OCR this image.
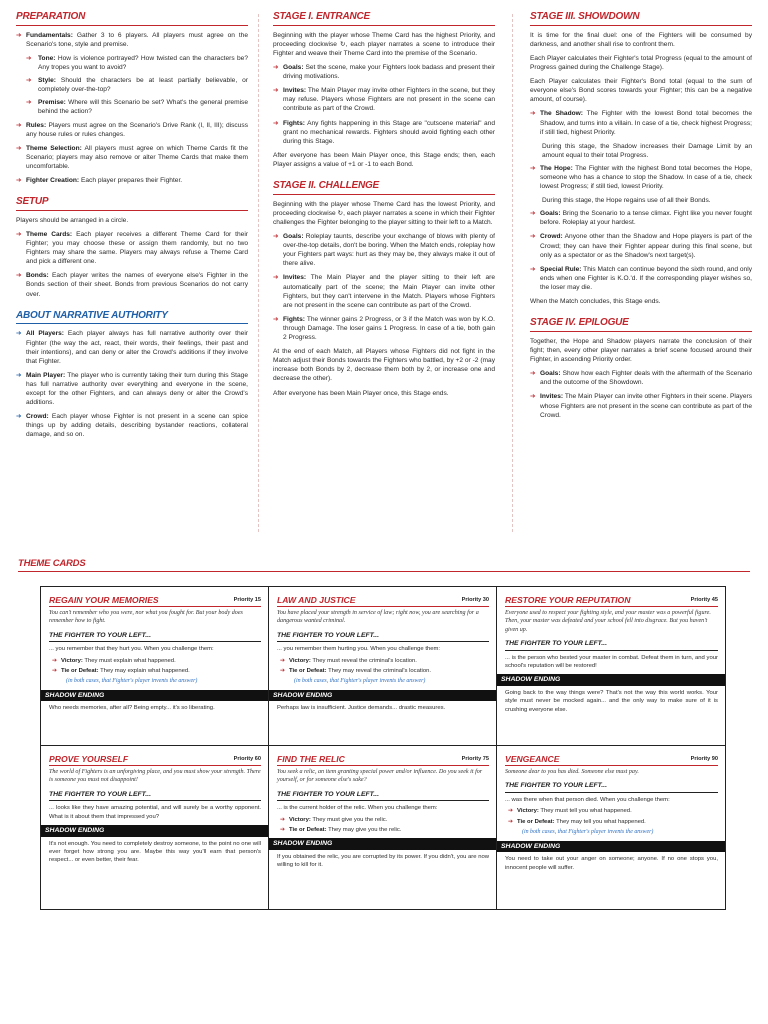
PREPARATION
➔ Fundamentals: Gather 3 to 6 players. All players must agree on the Scenario's tone, style and premise.
➔ Tone: How is violence portrayed? How twisted can the characters be? Any tropes you want to avoid?
➔ Style: Should the characters be at least partially believable, or completely over-the-top?
➔ Premise: Where will this Scenario be set? What's the general premise behind the action?
➔ Rules: Players must agree on the Scenario's Drive Rank (I, II, III); discuss any house rules or rules changes.
➔ Theme Selection: All players must agree on which Theme Cards fit the Scenario; players may also remove or alter Theme Cards that make them uncomfortable.
➔ Fighter Creation: Each player prepares their Fighter.
SETUP
Players should be arranged in a circle.
➔ Theme Cards: Each player receives a different Theme Card for their Fighter; you may choose these or assign them randomly, but no two Fighters may share the same. Players may always refuse a Theme Card and pick a different one.
➔ Bonds: Each player writes the names of everyone else's Fighter in the Bonds section of their sheet. Bonds from previous Scenarios do not carry over.
ABOUT NARRATIVE AUTHORITY
➔ All Players: Each player always has full narrative authority over their Fighter (the way the act, react, their words, their feelings, their past and their intentions), and can deny or alter the Crowd's additions if they involve that Fighter.
➔ Main Player: The player who is currently taking their turn during this Stage has full narrative authority over everything and everyone in the scene, except for the other Fighters, and can always deny or alter the Crowd's additions.
➔ Crowd: Each player whose Fighter is not present in a scene can spice things up by adding details, describing bystander reactions, collateral damage, and so on.
STAGE I. ENTRANCE
Beginning with the player whose Theme Card has the highest Priority, and proceeding clockwise ↻, each player narrates a scene to introduce their Fighter and weave their Theme Card into the premise of the Scenario.
➔ Goals: Set the scene, make your Fighters look badass and present their driving motivations.
➔ Invites: The Main Player may invite other Fighters in the scene, but they may refuse. Players whose Fighters are not present in the scene can contribute as part of the Crowd.
➔ Fights: Any fights happening in this Stage are "cutscene material" and grant no mechanical rewards. Fighters should avoid fighting each other during this Stage.
After everyone has been Main Player once, this Stage ends; then, each Player assigns a value of +1 or -1 to each Bond.
STAGE II. CHALLENGE
Beginning with the player whose Theme Card has the lowest Priority, and proceeding clockwise ↻, each player narrates a scene in which their Fighter challenges the Fighter belonging to the player sitting to their left to a Match.
➔ Goals: Roleplay taunts, describe your exchange of blows with plenty of over-the-top details, don't be boring. When the Match ends, roleplay how your Fighters part ways: hurt as they may be, they always make it out of there alive.
➔ Invites: The Main Player and the player sitting to their left are automatically part of the scene; the Main Player can invite other Fighters, but they can't intervene in the Match. Players whose Fighters are not present in the scene can contribute as part of the Crowd.
➔ Fights: The winner gains 2 Progress, or 3 if the Match was won by K.O. through Damage. The loser gains 1 Progress. In case of a tie, both gain 2 Progress.
At the end of each Match, all Players whose Fighters did not fight in the Match adjust their Bonds towards the Fighters who battled, by +2 or -2 (may increase both Bonds by 2, decrease them both by 2, or increase one and decrease the other).
After everyone has been Main Player once, this Stage ends.
STAGE III. SHOWDOWN
It is time for the final duel: one of the Fighters will be consumed by darkness, and another shall rise to confront them.
Each Player calculates their Fighter's total Progress (equal to the amount of Progress gained during the Challenge Stage).
Each Player calculates their Fighter's Bond total (equal to the sum of everyone else's Bond scores towards your Fighter; this can be a negative amount, of course).
➔ The Shadow: The Fighter with the lowest Bond total becomes the Shadow, and turns into a villain. In case of a tie, check highest Progress; if still tied, highest Priority.
During this stage, the Shadow increases their Damage Limit by an amount equal to their total Progress.
➔ The Hope: The Fighter with the highest Bond total becomes the Hope, someone who has a chance to stop the Shadow. In case of a tie, check lowest Progress; if still tied, lowest Priority.
During this stage, the Hope regains use of all their Bonds.
➔ Goals: Bring the Scenario to a tense climax. Fight like you never fought before. Roleplay at your hardest.
➔ Crowd: Anyone other than the Shadow and Hope players is part of the Crowd; they can have their Fighter appear during this final scene, but only as a spectator or as the Shadow's next target(s).
➔ Special Rule: This Match can continue beyond the sixth round, and only ends when one Fighter is K.O.'d. If the corresponding player wishes so, the loser may die.
When the Match concludes, this Stage ends.
STAGE IV. EPILOGUE
Together, the Hope and Shadow players narrate the conclusion of their fight; then, every other player narrates a brief scene focused around their Fighter, in ascending Priority order.
➔ Goals: Show how each Fighter deals with the aftermath of the Scenario and the outcome of the Showdown.
➔ Invites: The Main Player can invite other Fighters in their scene. Players whose Fighters are not present in the scene can contribute as part of the Crowd.
THEME CARDS
REGAIN YOUR MEMORIES	Priority 15
You can't remember who you were, nor what you fought for. But your body does remember how to fight.
THE FIGHTER TO YOUR LEFT...
... you remember that they hurt you. When you challenge them:
➔ Victory: They must explain what happened.
➔ Tie or Defeat: They may explain what happened.
(in both cases, that Fighter's player invents the answer)
SHADOW ENDING
Who needs memories, after all? Being empty... it's so liberating.
LAW AND JUSTICE	Priority 30
You have placed your strength in service of law; right now, you are searching for a dangerous wanted criminal.
THE FIGHTER TO YOUR LEFT...
... you remember them hurting you. When you challenge them:
➔ Victory: They must reveal the criminal's location.
➔ Tie or Defeat: They may reveal the criminal's location.
(in both cases, that Fighter's player invents the answer)
SHADOW ENDING
Perhaps law is insufficient. Justice demands... drastic measures.
RESTORE YOUR REPUTATION	Priority 45
Everyone used to respect your fighting style, and your master was a powerful figure. Then, your master was defeated and your school fell into disgrace. But you haven't given up.
THE FIGHTER TO YOUR LEFT...
... is the person who bested your master in combat. Defeat them in turn, and your school's reputation will be restored!
SHADOW ENDING
Going back to the way things were? That's not the way this world works. Your style must never be mocked again... and the only way to make sure of it is crushing everyone else.
PROVE YOURSELF	Priority 60
The world of Fighters is an unforgiving place, and you must show your strength. There is someone you must not disappoint!
THE FIGHTER TO YOUR LEFT...
... looks like they have amazing potential, and will surely be a worthy opponent. What is it about them that impressed you?
SHADOW ENDING
It's not enough. You need to completely destroy someone, to the point no one will ever forget how strong you are. Maybe this way you'll earn that person's respect... or even better, their fear.
FIND THE RELIC	Priority 75
You seek a relic, an item granting special power and/or influence. Do you seek it for yourself, or for someone else's sake?
THE FIGHTER TO YOUR LEFT...
... is the current holder of the relic. When you challenge them:
➔ Victory: They must give you the relic.
➔ Tie or Defeat: They may give you the relic.
SHADOW ENDING
If you obtained the relic, you are corrupted by its power. If you didn't, you are now willing to kill for it.
VENGEANCE	Priority 90
Someone dear to you has died. Someone else must pay.
THE FIGHTER TO YOUR LEFT...
... was there when that person died. When you challenge them:
➔ Victory: They must tell you what happened.
➔ Tie or Defeat: They may tell you what happened.
(in both cases, that Fighter's player invents the answer)
SHADOW ENDING
You need to take out your anger on someone; anyone. If no one stops you, innocent people will suffer.
